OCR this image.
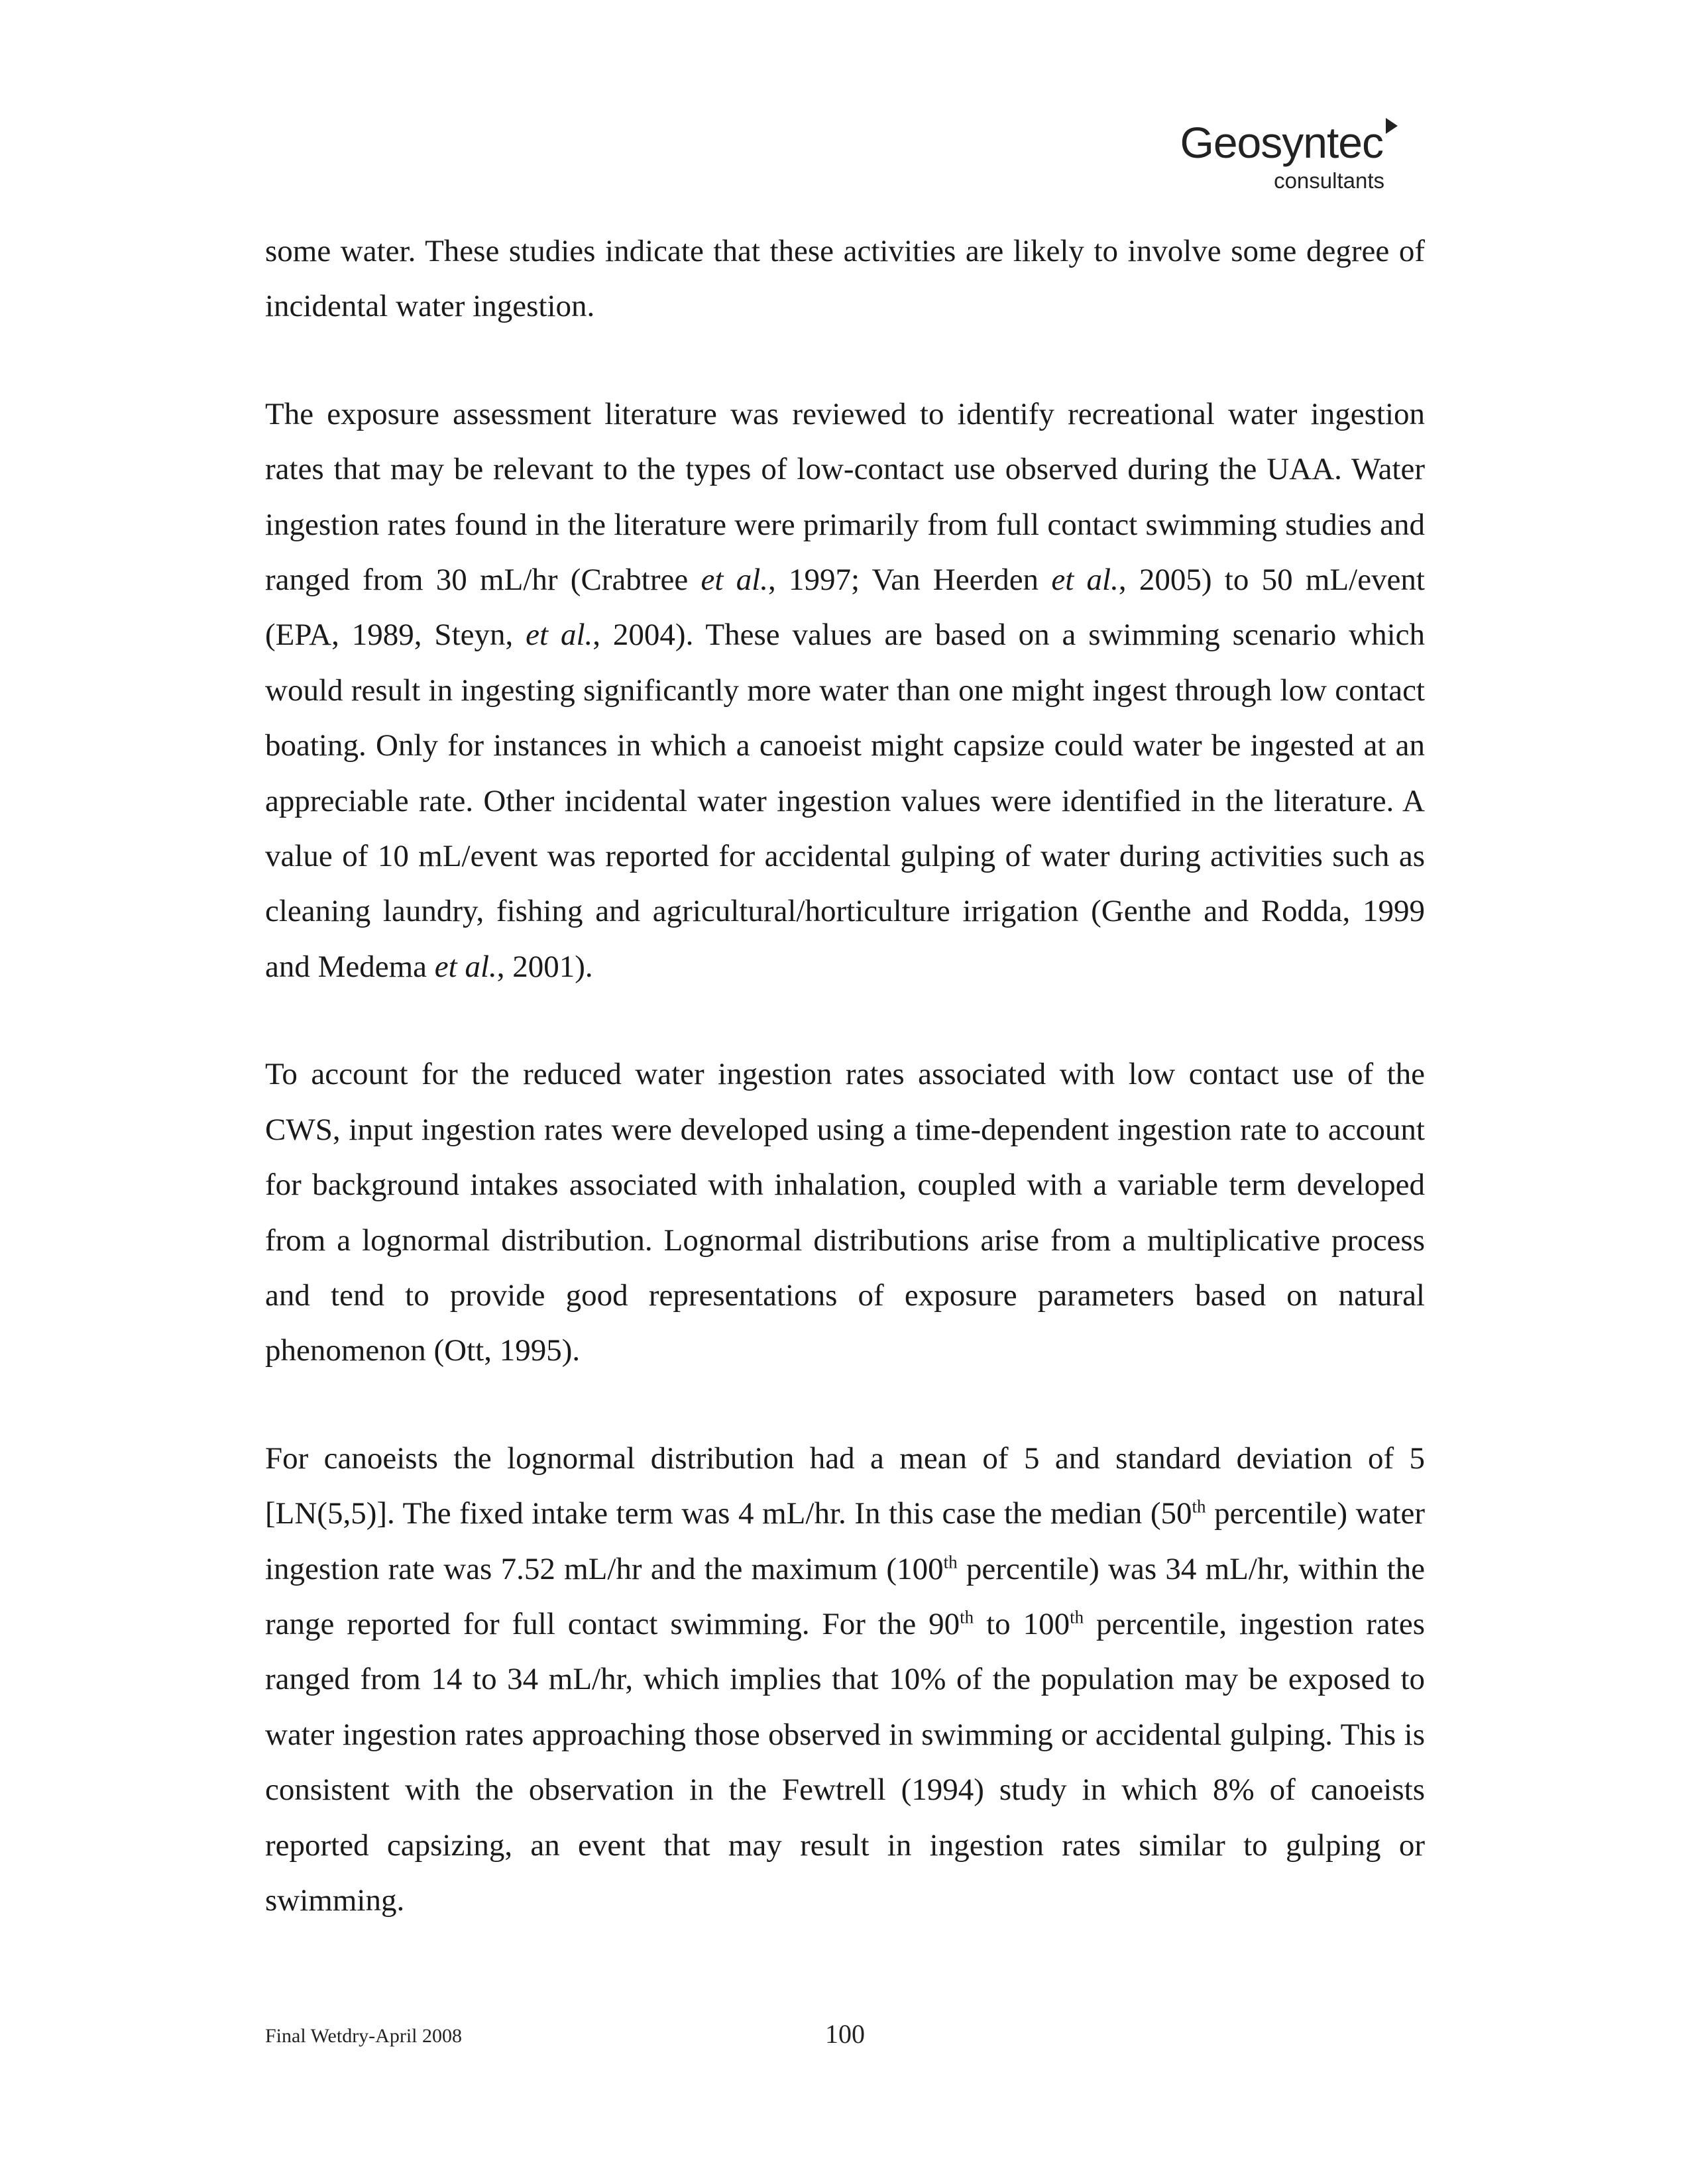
Geosyntec
consultants

some water. These studies indicate that these activities are likely to involve some degree of incidental water ingestion.

The exposure assessment literature was reviewed to identify recreational water ingestion rates that may be relevant to the types of low-contact use observed during the UAA. Water ingestion rates found in the literature were primarily from full contact swimming studies and ranged from 30 mL/hr (Crabtree et al., 1997; Van Heerden et al., 2005) to 50 mL/event (EPA, 1989, Steyn, et al., 2004). These values are based on a swimming scenario which would result in ingesting significantly more water than one might ingest through low contact boating. Only for instances in which a canoeist might capsize could water be ingested at an appreciable rate. Other incidental water ingestion values were identified in the literature. A value of 10 mL/event was reported for accidental gulping of water during activities such as cleaning laundry, fishing and agricultural/horticulture irrigation (Genthe and Rodda, 1999 and Medema et al., 2001).

To account for the reduced water ingestion rates associated with low contact use of the CWS, input ingestion rates were developed using a time-dependent ingestion rate to account for background intakes associated with inhalation, coupled with a variable term developed from a lognormal distribution. Lognormal distributions arise from a multiplicative process and tend to provide good representations of exposure parameters based on natural phenomenon (Ott, 1995).

For canoeists the lognormal distribution had a mean of 5 and standard deviation of 5 [LN(5,5)]. The fixed intake term was 4 mL/hr. In this case the median (50th percentile) water ingestion rate was 7.52 mL/hr and the maximum (100th percentile) was 34 mL/hr, within the range reported for full contact swimming. For the 90th to 100th percentile, ingestion rates ranged from 14 to 34 mL/hr, which implies that 10% of the population may be exposed to water ingestion rates approaching those observed in swimming or accidental gulping. This is consistent with the observation in the Fewtrell (1994) study in which 8% of canoeists reported capsizing, an event that may result in ingestion rates similar to gulping or swimming.

Final Wetdry-April 2008	100
